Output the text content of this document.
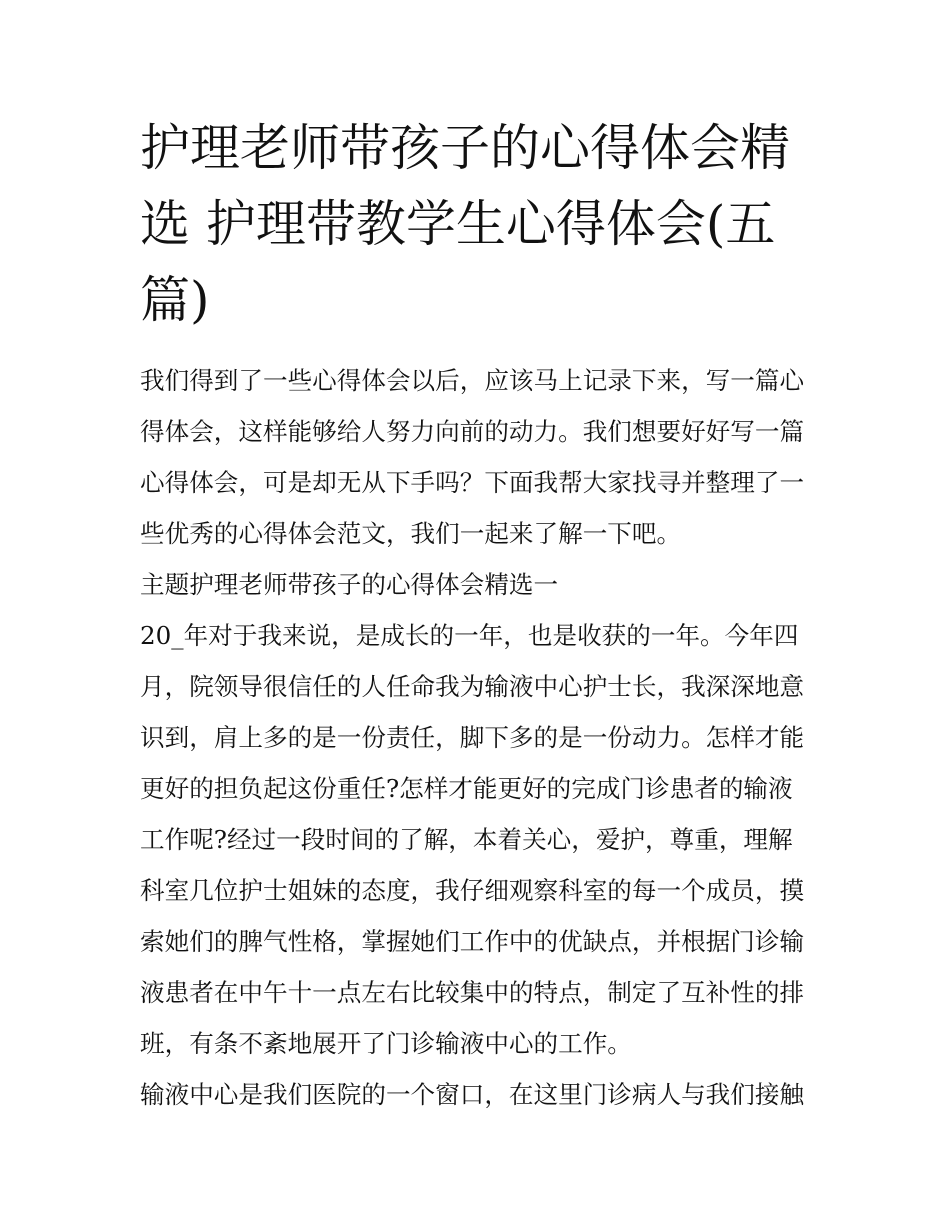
护理老师带孩子的心得体会精
选 护理带教学生心得体会(五
篇)
我们得到了一些心得体会以后，应该马上记录下来，写一篇心
得体会，这样能够给人努力向前的动力。我们想要好好写一篇
心得体会，可是却无从下手吗？下面我帮大家找寻并整理了一
些优秀的心得体会范文，我们一起来了解一下吧。
主题护理老师带孩子的心得体会精选一
20_年对于我来说，是成长的一年，也是收获的一年。今年四
月，院领导很信任的人任命我为输液中心护士长，我深深地意
识到，肩上多的是一份责任，脚下多的是一份动力。怎样才能
更好的担负起这份重任?怎样才能更好的完成门诊患者的输液
工作呢?经过一段时间的了解，本着关心，爱护，尊重，理解
科室几位护士姐妹的态度，我仔细观察科室的每一个成员，摸
索她们的脾气性格，掌握她们工作中的优缺点，并根据门诊输
液患者在中午十一点左右比较集中的特点，制定了互补性的排
班，有条不紊地展开了门诊输液中心的工作。
输液中心是我们医院的一个窗口，在这里门诊病人与我们接触
